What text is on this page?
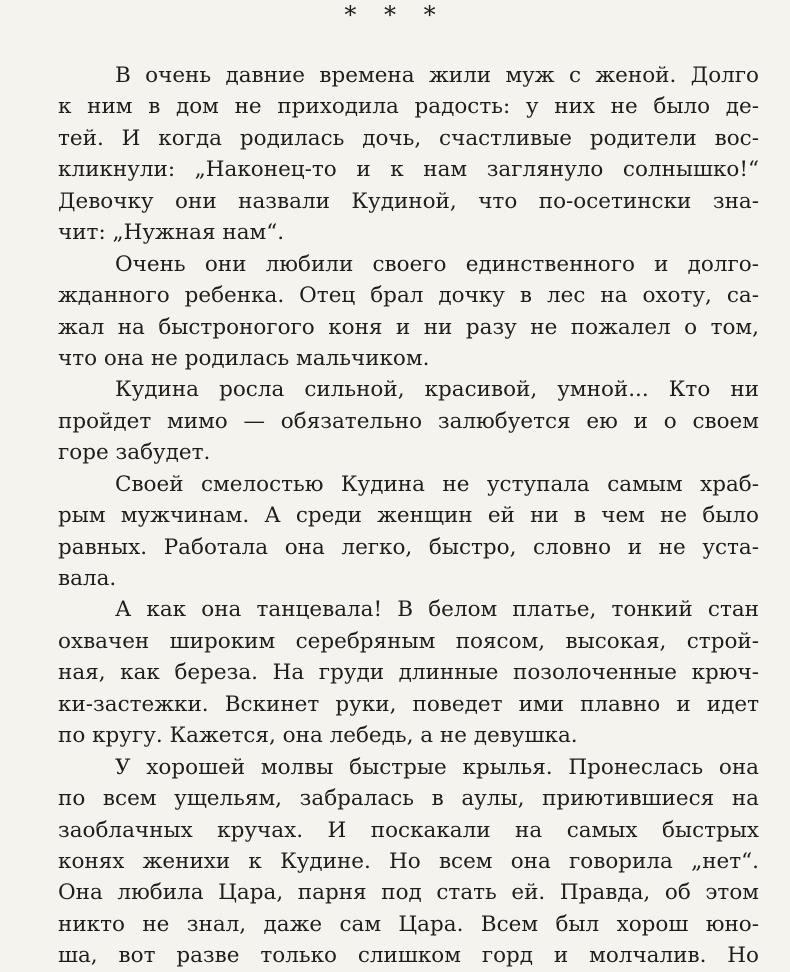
* * *
В очень давние времена жили муж с женой. Долго
к ним в дом не приходила радость: у них не было де-
тей. И когда родилась дочь, счастливые родители вос-
кликнули: „Наконец-то и к нам заглянуло солнышко!“
Девочку они назвали Кудиной, что по-осетински зна-
чит: „Нужная нам“.
Очень они любили своего единственного и долго-
жданного ребенка. Отец брал дочку в лес на охоту, са-
жал на быстроногого коня и ни разу не пожалел о том,
что она не родилась мальчиком.
Кудина росла сильной, красивой, умной... Кто ни
пройдет мимо — обязательно залюбуется ею и о своем
горе забудет.
Своей смелостью Кудина не уступала самым храб-
рым мужчинам. А среди женщин ей ни в чем не было
равных. Работала она легко, быстро, словно и не уста-
вала.
А как она танцевала! В белом платье, тонкий стан
охвачен широким серебряным поясом, высокая, строй-
ная, как береза. На груди длинные позолоченные крюч-
ки-застежки. Вскинет руки, поведет ими плавно и идет
по кругу. Кажется, она лебедь, а не девушка.
У хорошей молвы быстрые крылья. Пронеслась она
по всем ущельям, забралась в аулы, приютившиеся на
заоблачных кручах. И поскакали на самых быстрых
конях женихи к Кудине. Но всем она говорила „нет“.
Она любила Цара, парня под стать ей. Правда, об этом
никто не знал, даже сам Цара. Всем был хорош юно-
ша, вот разве только слишком горд и молчалив. Но
